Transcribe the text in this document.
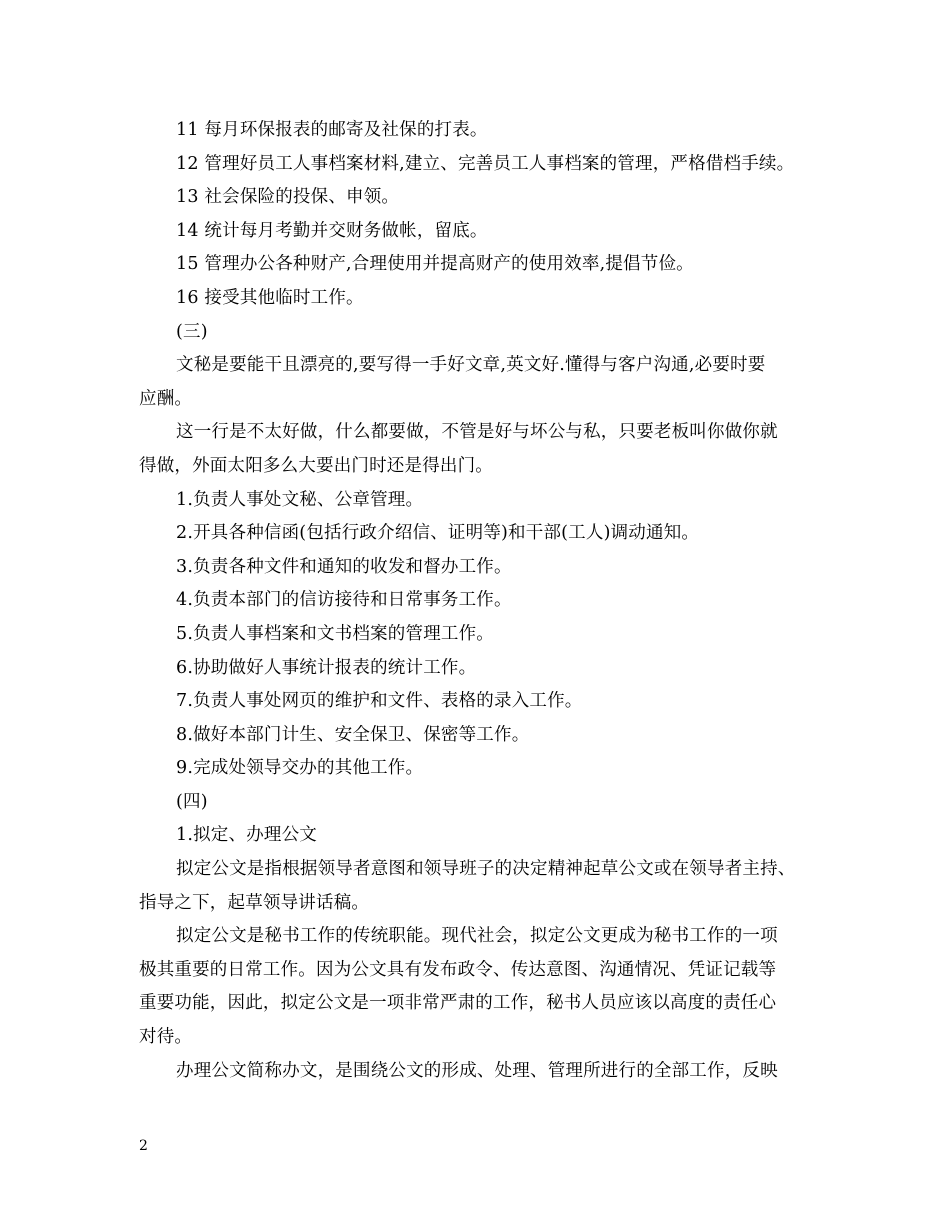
11 每月环保报表的邮寄及社保的打表。
12 管理好员工人事档案材料,建立、完善员工人事档案的管理，严格借档手续。
13 社会保险的投保、申领。
14 统计每月考勤并交财务做帐，留底。
15 管理办公各种财产,合理使用并提高财产的使用效率,提倡节俭。
16 接受其他临时工作。
(三)
文秘是要能干且漂亮的,要写得一手好文章,英文好.懂得与客户沟通,必要时要
应酬。
这一行是不太好做，什么都要做，不管是好与坏公与私，只要老板叫你做你就
得做，外面太阳多么大要出门时还是得出门。
1.负责人事处文秘、公章管理。
2.开具各种信函(包括行政介绍信、证明等)和干部(工人)调动通知。
3.负责各种文件和通知的收发和督办工作。
4.负责本部门的信访接待和日常事务工作。
5.负责人事档案和文书档案的管理工作。
6.协助做好人事统计报表的统计工作。
7.负责人事处网页的维护和文件、表格的录入工作。
8.做好本部门计生、安全保卫、保密等工作。
9.完成处领导交办的其他工作。
(四)
1.拟定、办理公文
拟定公文是指根据领导者意图和领导班子的决定精神起草公文或在领导者主持、
指导之下，起草领导讲话稿。
拟定公文是秘书工作的传统职能。现代社会，拟定公文更成为秘书工作的一项
极其重要的日常工作。因为公文具有发布政令、传达意图、沟通情况、凭证记载等
重要功能，因此，拟定公文是一项非常严肃的工作，秘书人员应该以高度的责任心
对待。
办理公文简称办文，是围绕公文的形成、处理、管理所进行的全部工作，反映
2
